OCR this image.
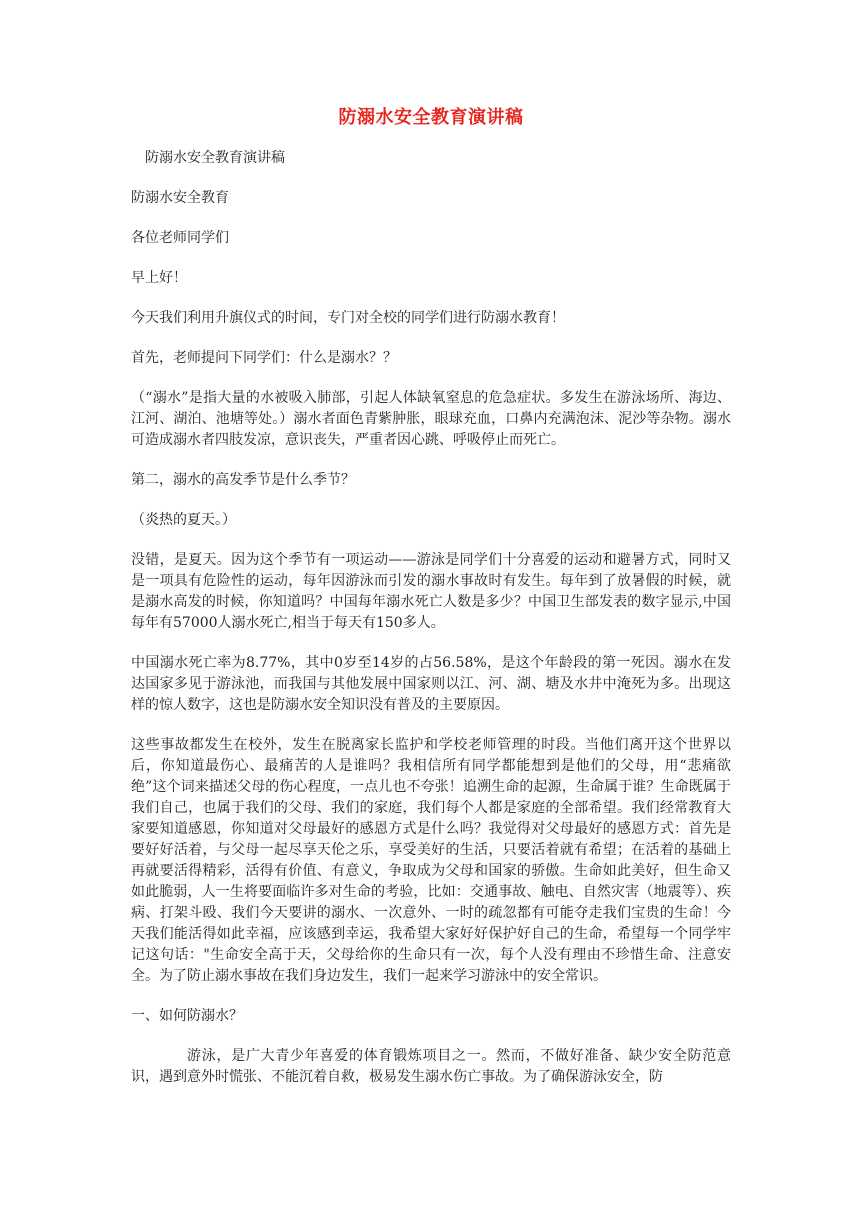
防溺水安全教育演讲稿

防溺水安全教育演讲稿

防溺水安全教育

各位老师同学们

早上好！

今天我们利用升旗仪式的时间，专门对全校的同学们进行防溺水教育！

首先，老师提问下同学们：什么是溺水？？

（“溺水”是指大量的水被吸入肺部，引起人体缺氧窒息的危急症状。多发生在游泳场所、海边、江河、湖泊、池塘等处。）溺水者面色青紫肿胀，眼球充血，口鼻内充满泡沫、泥沙等杂物。溺水可造成溺水者四肢发凉，意识丧失，严重者因心跳、呼吸停止而死亡。

第二，溺水的高发季节是什么季节？

（炎热的夏天。）

没错，是夏天。因为这个季节有一项运动——游泳是同学们十分喜爱的运动和避暑方式，同时又是一项具有危险性的运动，每年因游泳而引发的溺水事故时有发生。每年到了放暑假的时候，就是溺水高发的时候，你知道吗？中国每年溺水死亡人数是多少？中国卫生部发表的数字显示,中国每年有57000人溺水死亡,相当于每天有150多人。

中国溺水死亡率为8.77%，其中0岁至14岁的占56.58%，是这个年龄段的第一死因。溺水在发达国家多见于游泳池，而我国与其他发展中国家则以江、河、湖、塘及水井中淹死为多。出现这样的惊人数字，这也是防溺水安全知识没有普及的主要原因。

这些事故都发生在校外，发生在脱离家长监护和学校老师管理的时段。当他们离开这个世界以后，你知道最伤心、最痛苦的人是谁吗？我相信所有同学都能想到是他们的父母，用“悲痛欲绝”这个词来描述父母的伤心程度，一点儿也不夸张！追溯生命的起源，生命属于谁？生命既属于我们自己，也属于我们的父母、我们的家庭，我们每个人都是家庭的全部希望。我们经常教育大家要知道感恩，你知道对父母最好的感恩方式是什么吗？我觉得对父母最好的感恩方式：首先是要好好活着，与父母一起尽享天伦之乐，享受美好的生活，只要活着就有希望；在活着的基础上再就要活得精彩，活得有价值、有意义，争取成为父母和国家的骄傲。生命如此美好，但生命又如此脆弱，人一生将要面临许多对生命的考验，比如：交通事故、触电、自然灾害（地震等）、疾病、打架斗殴、我们今天要讲的溺水、一次意外、一时的疏忽都有可能夺走我们宝贵的生命！今天我们能活得如此幸福，应该感到幸运，我希望大家好好保护好自己的生命，希望每一个同学牢记这句话："生命安全高于天，父母给你的生命只有一次，每个人没有理由不珍惜生命、注意安全。为了防止溺水事故在我们身边发生，我们一起来学习游泳中的安全常识。

一、如何防溺水？

游泳，是广大青少年喜爱的体育锻炼项目之一。然而，不做好准备、缺少安全防范意识，遇到意外时慌张、不能沉着自救，极易发生溺水伤亡事故。为了确保游泳安全，防
